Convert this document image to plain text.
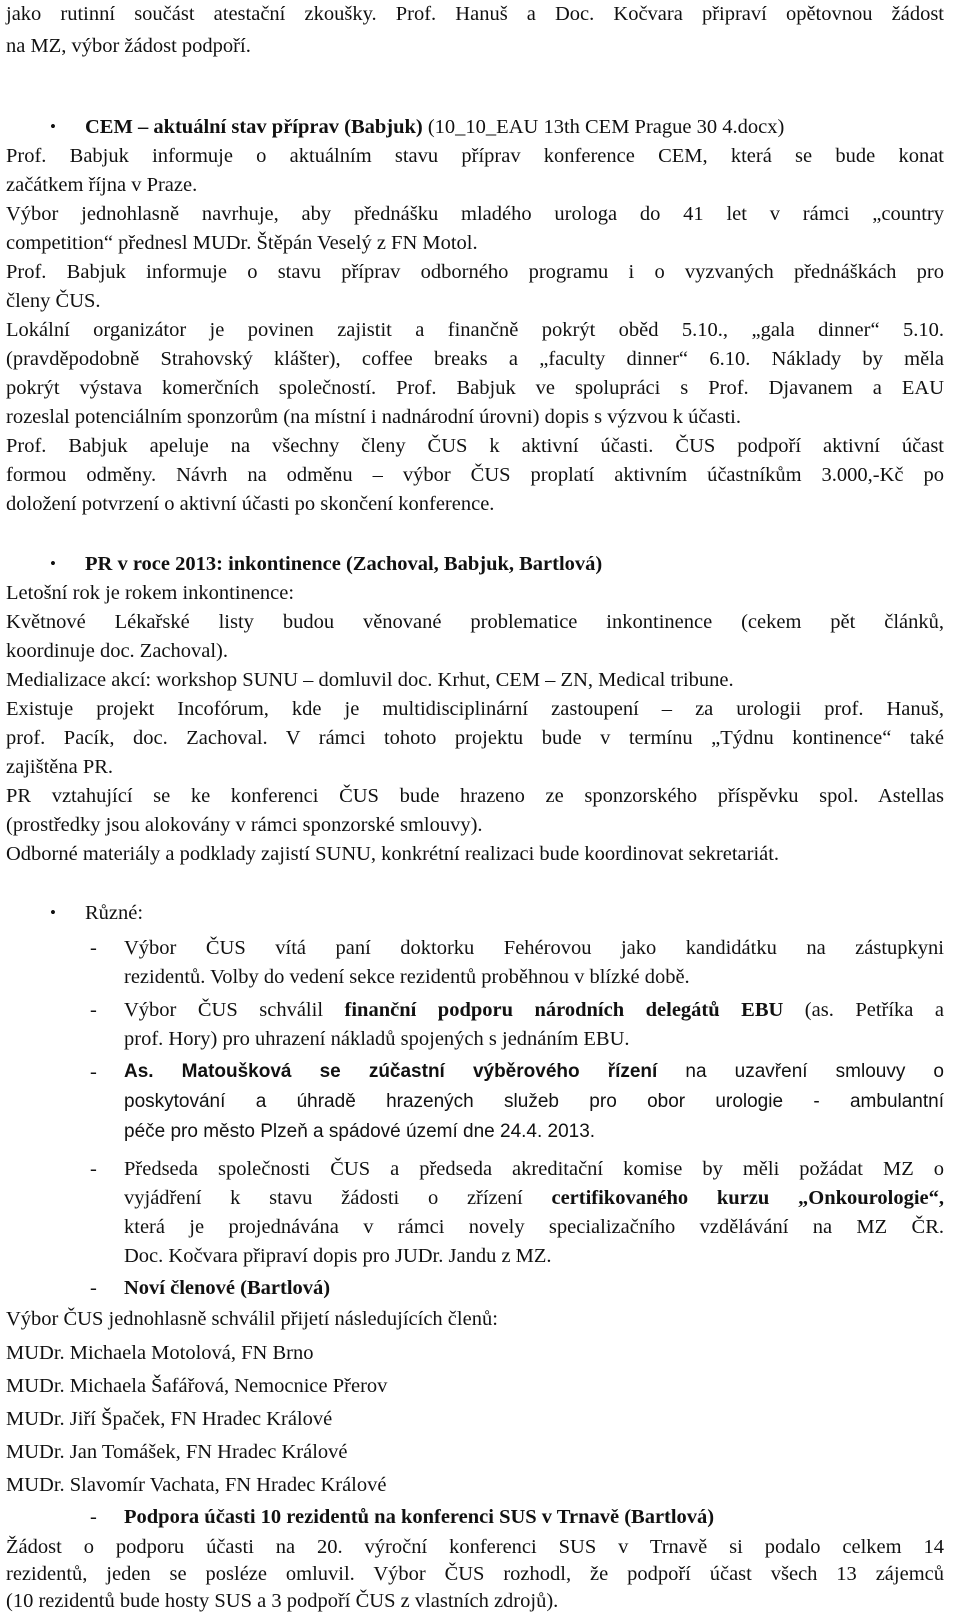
jako rutinní součást atestační zkoušky. Prof. Hanuš a Doc. Kočvara připraví opětovnou žádost
na MZ, výbor žádost podpoří.
• CEM – aktuální stav příprav (Babjuk) (10_10_EAU 13th CEM Prague 30 4.docx)
Prof. Babjuk informuje o aktuálním stavu příprav konference CEM, která se bude konat
začátkem října v Praze.
Výbor jednohlasně navrhuje, aby přednášku mladého urologa do 41 let v rámci „country
competition“ přednesl MUDr. Štěpán Veselý z FN Motol.
Prof. Babjuk informuje o stavu příprav odborného programu i o vyzvaných přednáškách pro
členy ČUS.
Lokální organizátor je povinen zajistit a finančně pokrýt oběd 5.10., „gala dinner“ 5.10.
(pravděpodobně Strahovský klášter), coffee breaks a „faculty dinner“ 6.10. Náklady by měla
pokrýt výstava komerčních společností. Prof. Babjuk ve spolupráci s Prof. Djavanem a EAU
rozeslal potenciálním sponzorům (na místní i nadnárodní úrovni) dopis s výzvou k účasti.
Prof. Babjuk apeluje na všechny členy ČUS k aktivní účasti. ČUS podpoří aktivní účast
formou odměny. Návrh na odměnu – výbor ČUS proplatí aktivním účastníkům 3.000,-Kč po
doložení potvrzení o aktivní účasti po skončení konference.
• PR v roce 2013: inkontinence (Zachoval, Babjuk, Bartlová)
Letošní rok je rokem inkontinence:
Květnové Lékařské listy budou věnované problematice inkontinence (cekem pět článků,
koordinuje doc. Zachoval).
Medializace akcí: workshop SUNU – domluvil doc. Krhut, CEM – ZN, Medical tribune.
Existuje projekt Incofórum, kde je multidisciplinární zastoupení – za urologii prof. Hanuš,
prof. Pacík, doc. Zachoval. V rámci tohoto projektu bude v termínu „Týdnu kontinence“ také
zajištěna PR.
PR vztahující se ke konferenci ČUS bude hrazeno ze sponzorského příspěvku spol. Astellas
(prostředky jsou alokovány v rámci sponzorské smlouvy).
Odborné materiály a podklady zajistí SUNU, konkrétní realizaci bude koordinovat sekretariát.
• Různé:
- Výbor ČUS vítá paní doktorku Fehérovou jako kandidátku na zástupkyni
rezidentů. Volby do vedení sekce rezidentů proběhnou v blízké době.
- Výbor ČUS schválil finanční podporu národních delegátů EBU (as. Petříka a
prof. Hory) pro uhrazení nákladů spojených s jednáním EBU.
- As. Matoušková se zúčastní výběrového řízení na uzavření smlouvy o
poskytování a úhradě hrazených služeb pro obor urologie - ambulantní
péče pro město Plzeň a spádové území dne 24.4. 2013.
- Předseda společnosti ČUS a předseda akreditační komise by měli požádat MZ o
vyjádření k stavu žádosti o zřízení certifikovaného kurzu „Onkourologie“,
která je projednávána v rámci novely specializačního vzdělávání na MZ ČR.
Doc. Kočvara připraví dopis pro JUDr. Jandu z MZ.
- Noví členové (Bartlová)
Výbor ČUS jednohlasně schválil přijetí následujících členů:
MUDr. Michaela Motolová, FN Brno
MUDr. Michaela Šafářová, Nemocnice Přerov
MUDr. Jiří Špaček, FN Hradec Králové
MUDr. Jan Tomášek, FN Hradec Králové
MUDr. Slavomír Vachata, FN Hradec Králové
- Podpora účasti 10 rezidentů na konferenci SUS v Trnavě (Bartlová)
Žádost o podporu účasti na 20. výroční konferenci SUS v Trnavě si podalo celkem 14
rezidentů, jeden se posléze omluvil. Výbor ČUS rozhodl, že podpoří účast všech 13 zájemců
(10 rezidentů bude hosty SUS a 3 podpoří ČUS z vlastních zdrojů).
